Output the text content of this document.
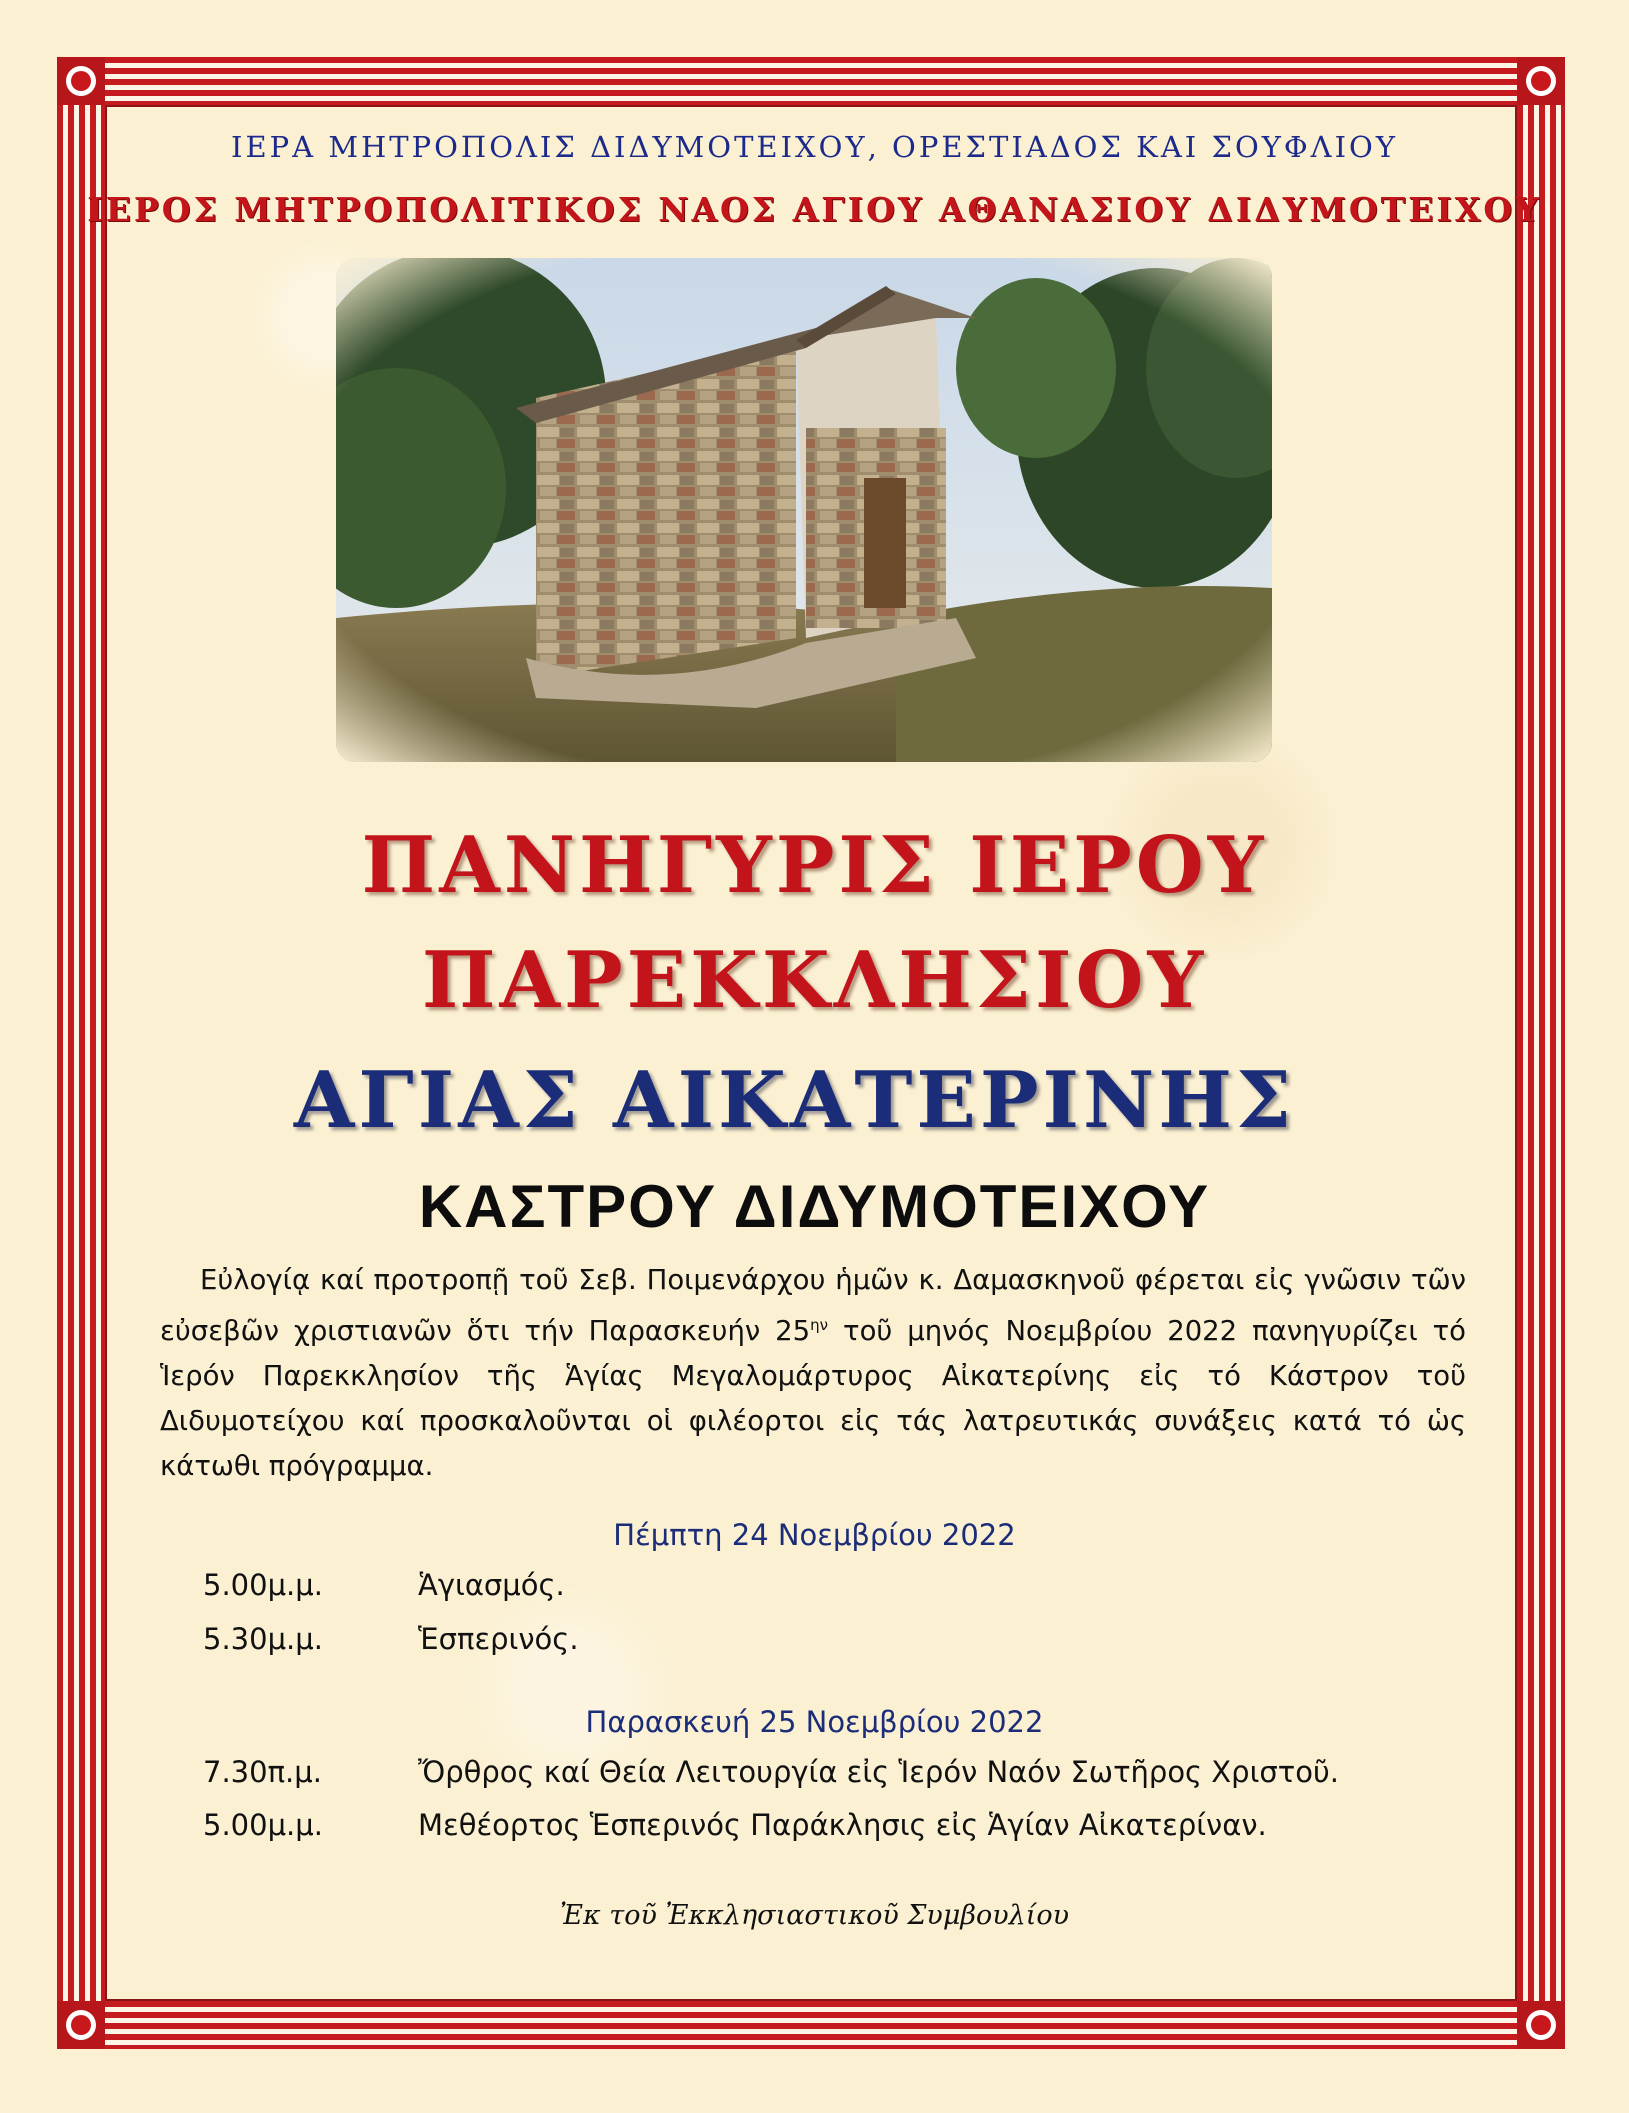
ΙΕΡΑ ΜΗΤΡΟΠΟΛΙΣ ΔΙΔΥΜΟΤΕΙΧΟΥ, ΟΡΕΣΤΙΑΔΟΣ ΚΑΙ ΣΟΥΦΛΙΟΥ
ΙΕΡΟΣ ΜΗΤΡΟΠΟΛΙΤΙΚΟΣ ΝΑΟΣ ΑΓΙΟΥ ΑΘΑΝΑΣΙΟΥ ΔΙΔΥΜΟΤΕΙΧΟΥ
ΠΑΝΗΓΥΡΙΣ ΙΕΡΟΥ
ΠΑΡΕΚΚΛΗΣΙΟΥ
ΑΓΙΑΣ ΑΙΚΑΤΕΡΙΝΗΣ
ΚΑΣΤΡΟΥ ΔΙΔΥΜΟΤΕΙΧΟΥ
Εὐλογίᾳ καί προτροπῇ τοῦ Σεβ. Ποιμενάρχου ἡμῶν κ. Δαμασκηνοῦ φέρεται εἰς γνῶσιν τῶν εὐσεβῶν χριστιανῶν ὅτι τήν Παρασκευήν $25^{\eta\nu}$ τοῦ μηνός Νοεμβρίου 2022 πανηγυρίζει τό Ἱερόν Παρεκκλησίον τῆς Ἁγίας Μεγαλομάρτυρος Αἰκατερίνης εἰς τό Κάστρον τοῦ Διδυμοτείχου καί προσκαλοῦνται οἱ φιλέορτοι εἰς τάς λατρευτικάς συνάξεις κατά τό ὡς κάτωθι πρόγραμμα.
Πέμπτη 24 Νοεμβρίου 2022
5.00μ.μ.	Ἁγιασμός.
5.30μ.μ.	Ἑσπερινός.
Παρασκευή 25 Νοεμβρίου 2022
7.30π.μ.	Ὄρθρος καί Θεία Λειτουργία εἰς Ἱερόν Ναόν Σωτῆρος Χριστοῦ.
5.00μ.μ.	Μεθέορτος Ἑσπερινός Παράκλησις εἰς Ἁγίαν Αἰκατερίναν.
Ἐκ τοῦ Ἐκκλησιαστικοῦ Συμβουλίου
